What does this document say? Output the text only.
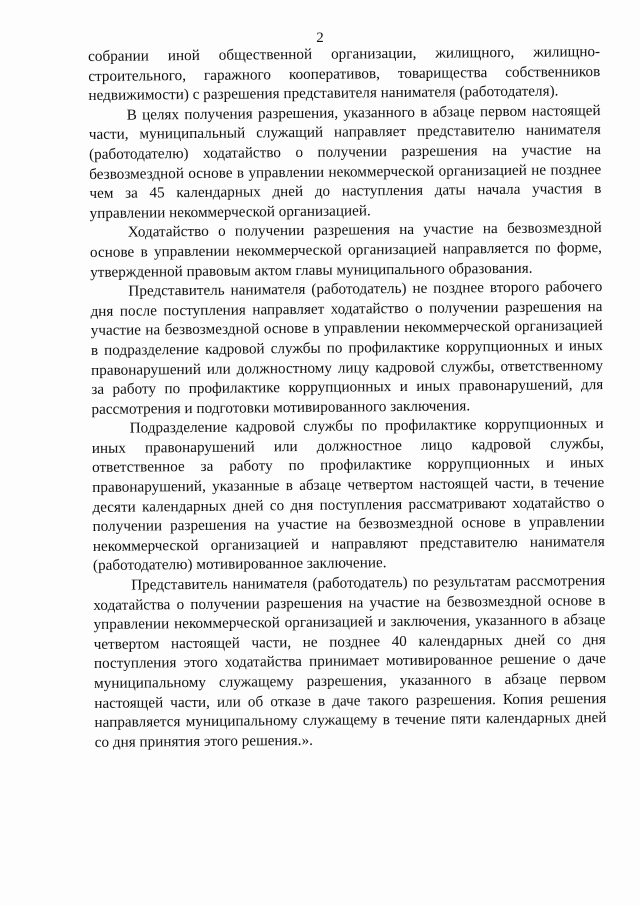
2

собрании иной общественной организации, жилищного, жилищно-строительного, гаражного кооперативов, товарищества собственников недвижимости) с разрешения представителя нанимателя (работодателя).

В целях получения разрешения, указанного в абзаце первом настоящей части, муниципальный служащий направляет представителю нанимателя (работодателю) ходатайство о получении разрешения на участие на безвозмездной основе в управлении некоммерческой организацией не позднее чем за 45 календарных дней до наступления даты начала участия в управлении некоммерческой организацией.

Ходатайство о получении разрешения на участие на безвозмездной основе в управлении некоммерческой организацией направляется по форме, утвержденной правовым актом главы муниципального образования.

Представитель нанимателя (работодатель) не позднее второго рабочего дня после поступления направляет ходатайство о получении разрешения на участие на безвозмездной основе в управлении некоммерческой организацией в подразделение кадровой службы по профилактике коррупционных и иных правонарушений или должностному лицу кадровой службы, ответственному за работу по профилактике коррупционных и иных правонарушений, для рассмотрения и подготовки мотивированного заключения.

Подразделение кадровой службы по профилактике коррупционных и иных правонарушений или должностное лицо кадровой службы, ответственное за работу по профилактике коррупционных и иных правонарушений, указанные в абзаце четвертом настоящей части, в течение десяти календарных дней со дня поступления рассматривают ходатайство о получении разрешения на участие на безвозмездной основе в управлении некоммерческой организацией и направляют представителю нанимателя (работодателю) мотивированное заключение.

Представитель нанимателя (работодатель) по результатам рассмотрения ходатайства о получении разрешения на участие на безвозмездной основе в управлении некоммерческой организацией и заключения, указанного в абзаце четвертом настоящей части, не позднее 40 календарных дней со дня поступления этого ходатайства принимает мотивированное решение о даче муниципальному служащему разрешения, указанного в абзаце первом настоящей части, или об отказе в даче такого разрешения. Копия решения направляется муниципальному служащему в течение пяти календарных дней со дня принятия этого решения.».
